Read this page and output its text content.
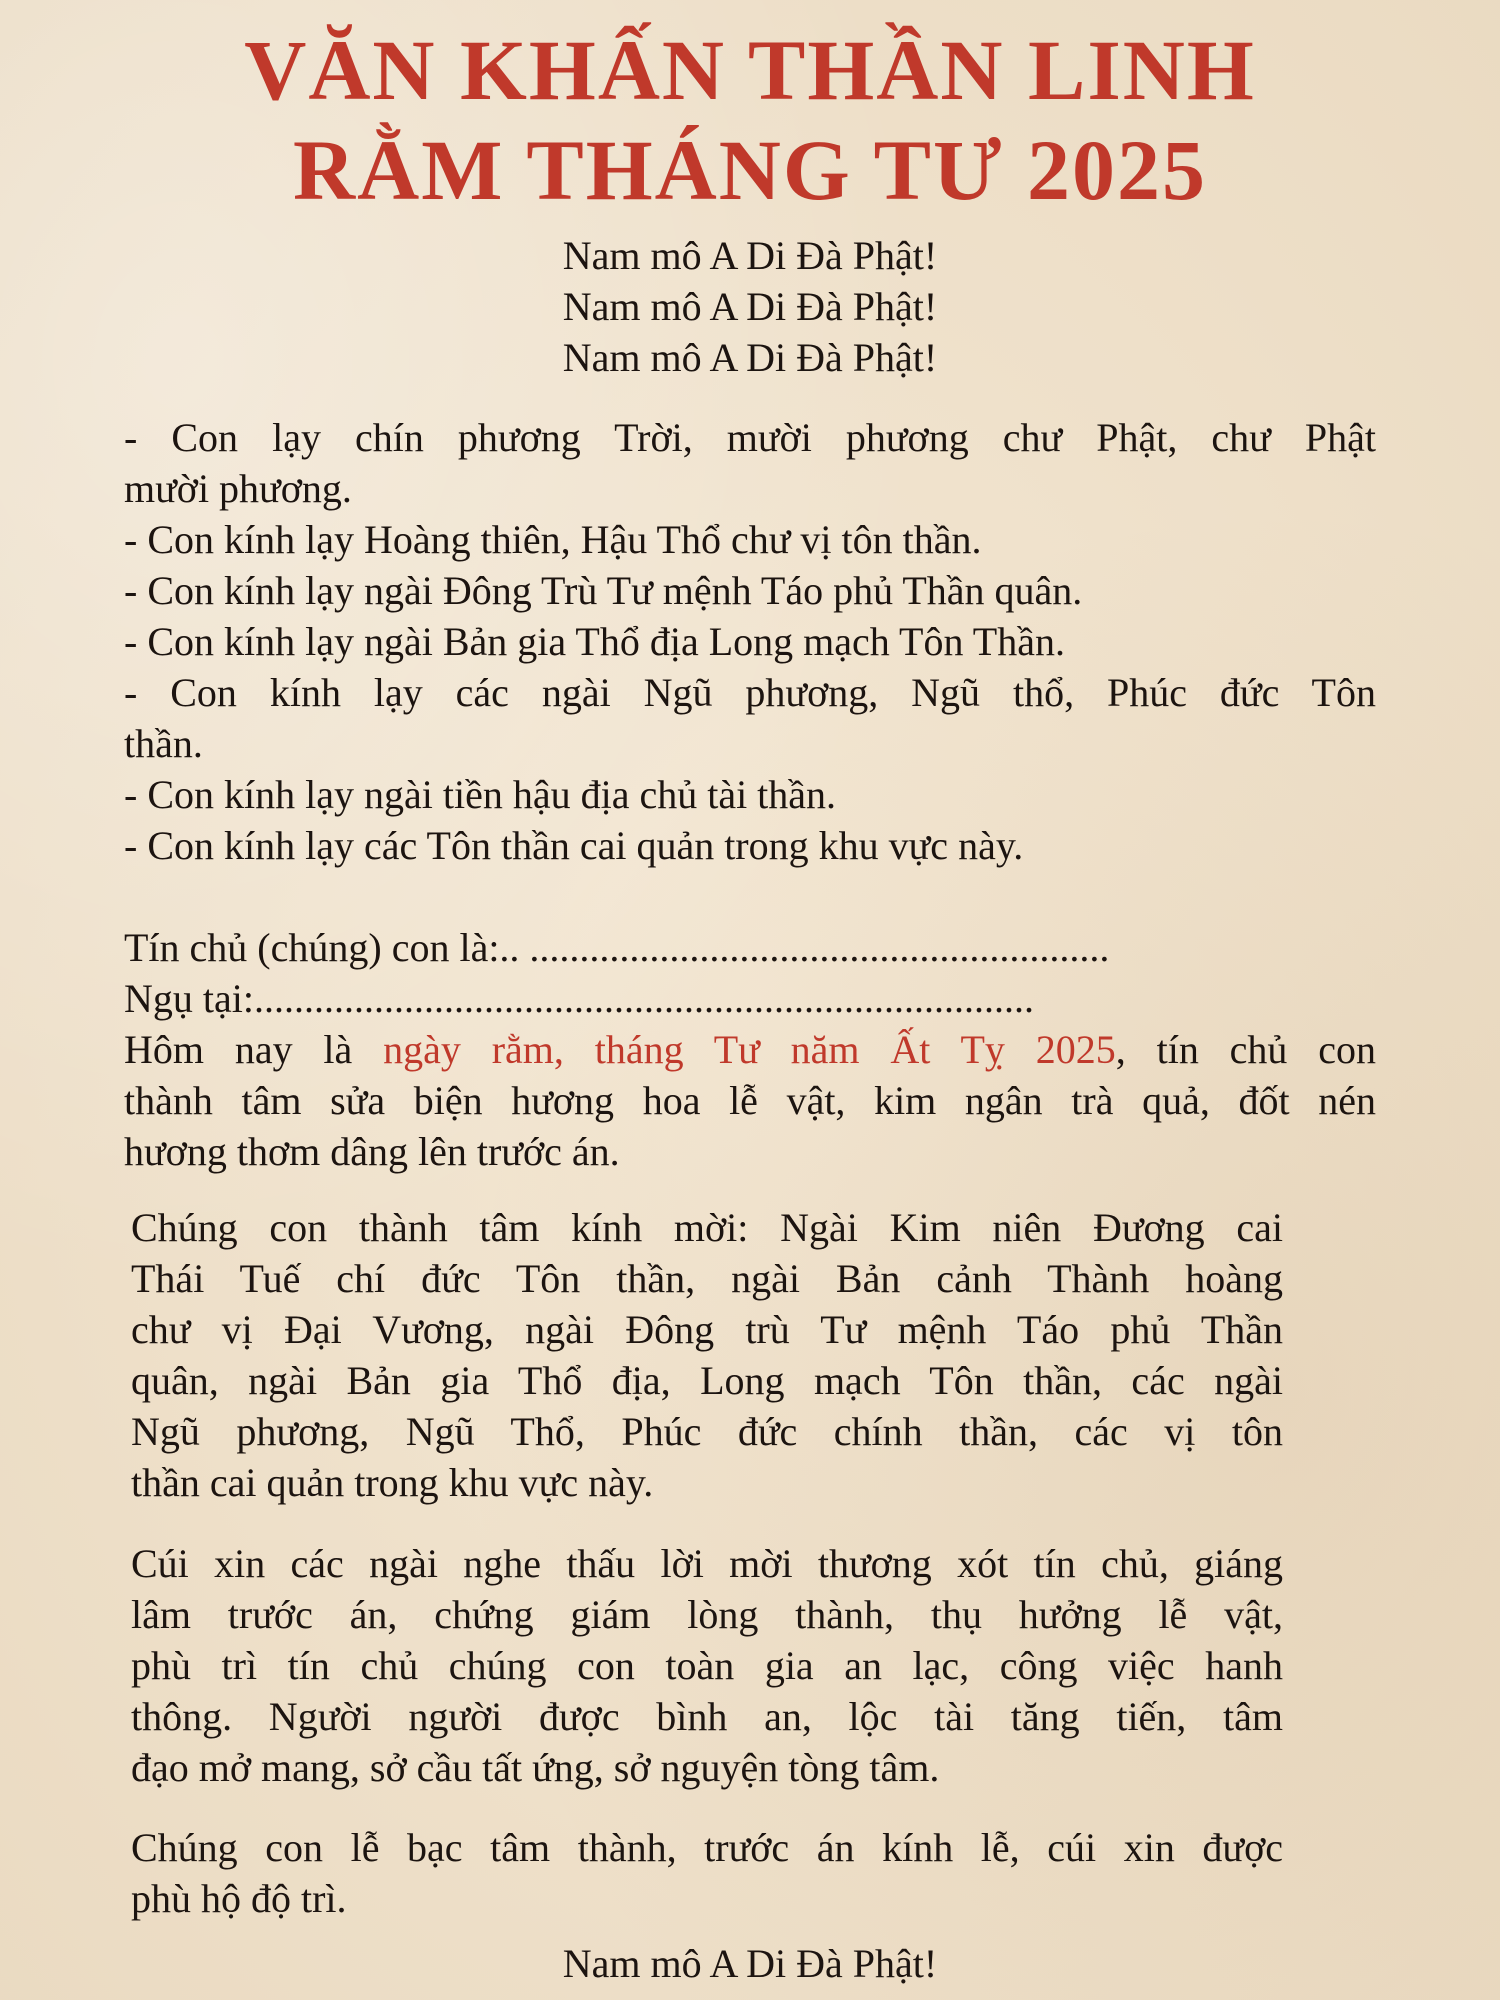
VĂN KHẤN THẦN LINH
RẰM THÁNG TƯ 2025
Nam mô A Di Đà Phật!
Nam mô A Di Đà Phật!
Nam mô A Di Đà Phật!
- Con lạy chín phương Trời, mười phương chư Phật, chư Phật
mười phương.
- Con kính lạy Hoàng thiên, Hậu Thổ chư vị tôn thần.
- Con kính lạy ngài Đông Trù Tư mệnh Táo phủ Thần quân.
- Con kính lạy ngài Bản gia Thổ địa Long mạch Tôn Thần.
- Con kính lạy các ngài Ngũ phương, Ngũ thổ, Phúc đức Tôn
thần.
- Con kính lạy ngài tiền hậu địa chủ tài thần.
- Con kính lạy các Tôn thần cai quản trong khu vực này.
Tín chủ (chúng) con là:.. ..........................................................
Ngụ tại:..............................................................................
Hôm nay là ngày rằm, tháng Tư năm Ất Tỵ 2025, tín chủ con
thành tâm sửa biện hương hoa lễ vật, kim ngân trà quả, đốt nén
hương thơm dâng lên trước án.
Chúng con thành tâm kính mời: Ngài Kim niên Đương cai
Thái Tuế chí đức Tôn thần, ngài Bản cảnh Thành hoàng
chư vị Đại Vương, ngài Đông trù Tư mệnh Táo phủ Thần
quân, ngài Bản gia Thổ địa, Long mạch Tôn thần, các ngài
Ngũ phương, Ngũ Thổ, Phúc đức chính thần, các vị tôn
thần cai quản trong khu vực này.
Cúi xin các ngài nghe thấu lời mời thương xót tín chủ, giáng
lâm trước án, chứng giám lòng thành, thụ hưởng lễ vật,
phù trì tín chủ chúng con toàn gia an lạc, công việc hanh
thông. Người người được bình an, lộc tài tăng tiến, tâm
đạo mở mang, sở cầu tất ứng, sở nguyện tòng tâm.
Chúng con lễ bạc tâm thành, trước án kính lễ, cúi xin được
phù hộ độ trì.
Nam mô A Di Đà Phật!
